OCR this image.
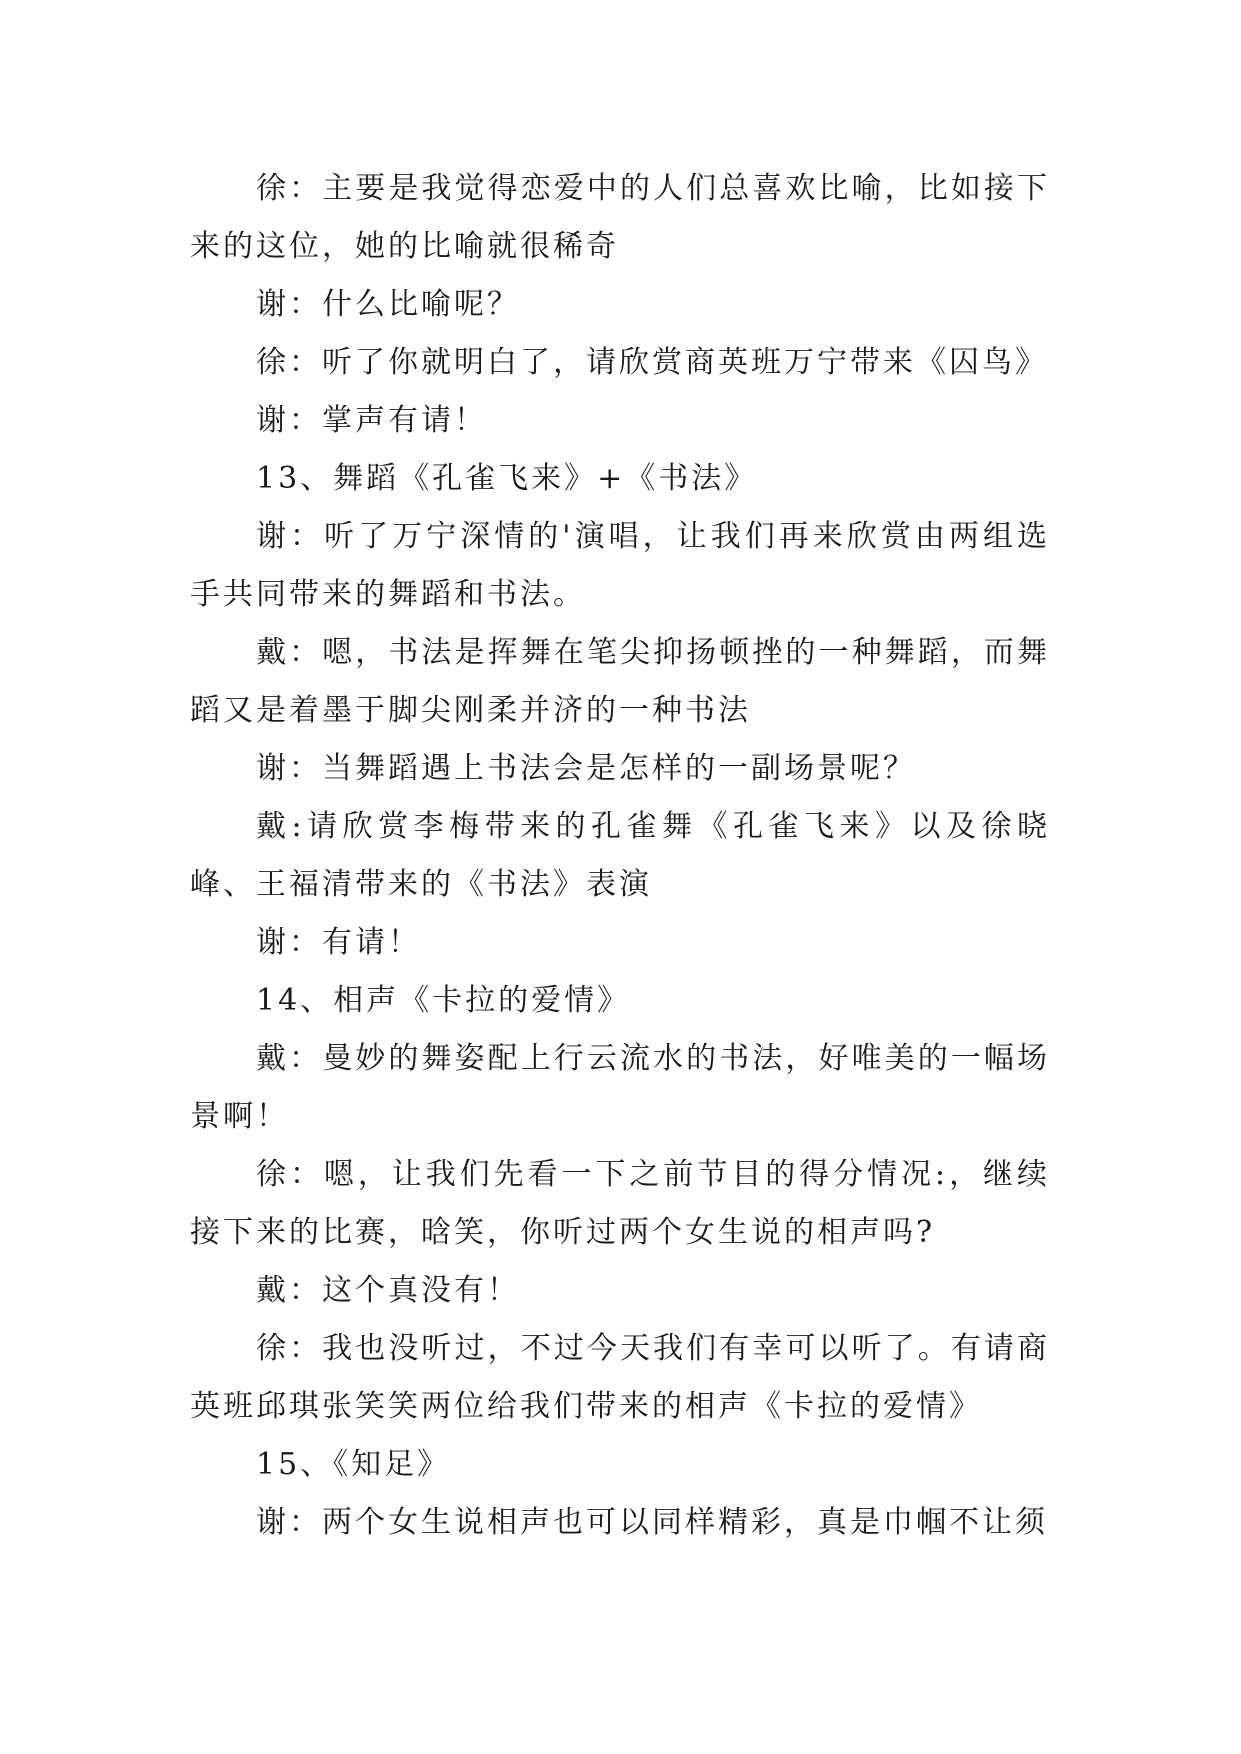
徐：主要是我觉得恋爱中的人们总喜欢比喻，比如接下来的这位，她的比喻就很稀奇

谢：什么比喻呢？

徐：听了你就明白了，请欣赏商英班万宁带来《囚鸟》

谢：掌声有请！

13、舞蹈《孔雀飞来》+《书法》

谢：听了万宁深情的'演唱，让我们再来欣赏由两组选手共同带来的舞蹈和书法。

戴：嗯，书法是挥舞在笔尖抑扬顿挫的一种舞蹈，而舞蹈又是着墨于脚尖刚柔并济的一种书法

谢：当舞蹈遇上书法会是怎样的一副场景呢？

戴:请欣赏李梅带来的孔雀舞《孔雀飞来》以及徐晓峰、王福清带来的《书法》表演

谢：有请！

14、相声《卡拉的爱情》

戴：曼妙的舞姿配上行云流水的书法，好唯美的一幅场景啊！

徐：嗯，让我们先看一下之前节目的得分情况:，继续接下来的比赛，晗笑，你听过两个女生说的相声吗?

戴：这个真没有！

徐：我也没听过，不过今天我们有幸可以听了。有请商英班邱琪张笑笑两位给我们带来的相声《卡拉的爱情》

15、《知足》

谢：两个女生说相声也可以同样精彩，真是巾帼不让须
